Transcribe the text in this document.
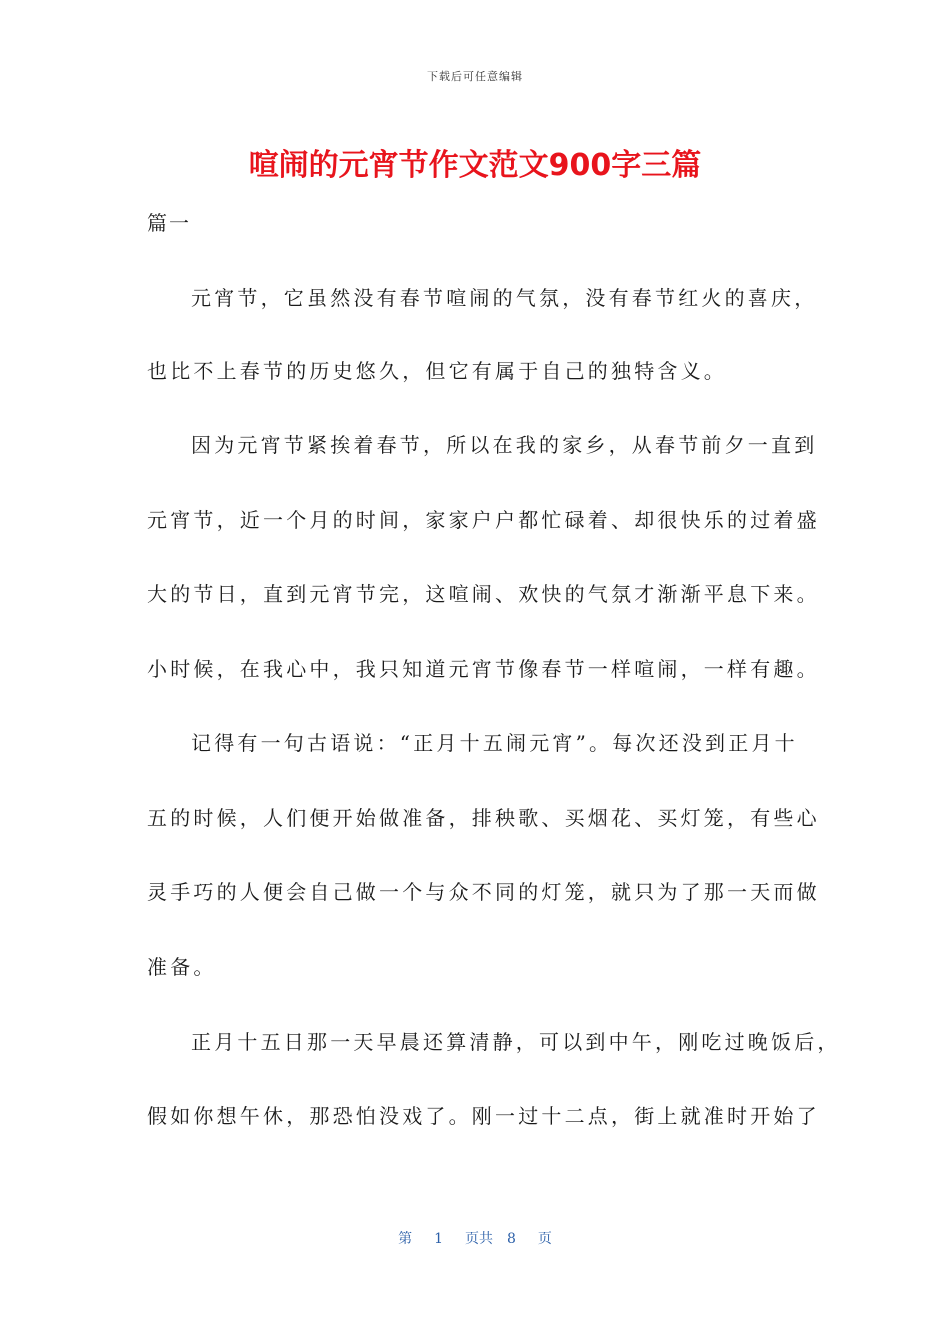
下载后可任意编辑
喧闹的元宵节作文范文900字三篇
篇一
元宵节，它虽然没有春节喧闹的气氛，没有春节红火的喜庆，
也比不上春节的历史悠久，但它有属于自己的独特含义。
因为元宵节紧挨着春节，所以在我的家乡，从春节前夕一直到
元宵节，近一个月的时间，家家户户都忙碌着、却很快乐的过着盛
大的节日，直到元宵节完，这喧闹、欢快的气氛才渐渐平息下来。
小时候，在我心中，我只知道元宵节像春节一样喧闹，一样有趣。
记得有一句古语说：“正月十五闹元宵”。每次还没到正月十
五的时候，人们便开始做准备，排秧歌、买烟花、买灯笼，有些心
灵手巧的人便会自己做一个与众不同的灯笼，就只为了那一天而做
准备。
正月十五日那一天早晨还算清静，可以到中午，刚吃过晚饭后，
假如你想午休，那恐怕没戏了。刚一过十二点，街上就准时开始了
第 1 页共 8 页
